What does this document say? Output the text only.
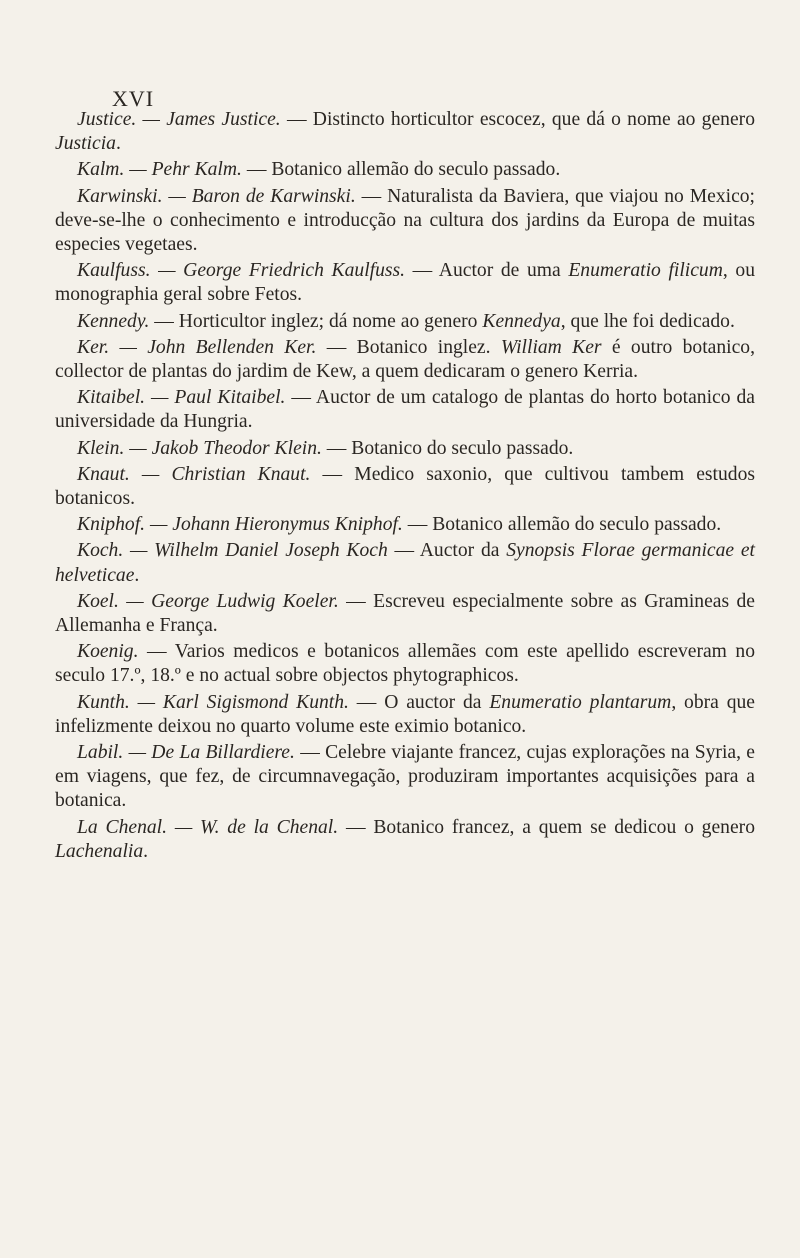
XVI

Justice. — James Justice. — Distincto horticultor escocez, que dá o nome ao genero Justicia.

Kalm. — Pehr Kalm. — Botanico allemão do seculo passado.

Karwinski. — Baron de Karwinski. — Naturalista da Baviera, que viajou no Mexico; deve-se-lhe o conhecimento e introducção na cultura dos jardins da Europa de muitas especies vegetaes.

Kaulfuss. — George Friedrich Kaulfuss. — Auctor de uma Enumeratio filicum, ou monographia geral sobre Fetos.

Kennedy. — Horticultor inglez; dá nome ao genero Kennedya, que lhe foi dedicado.

Ker. — John Bellenden Ker. — Botanico inglez. William Ker é outro botanico, collector de plantas do jardim de Kew, a quem dedicaram o genero Kerria.

Kitaibel. — Paul Kitaibel. — Auctor de um catalogo de plantas do horto botanico da universidade da Hungria.

Klein. — Jakob Theodor Klein. — Botanico do seculo passado.

Knaut. — Christian Knaut. — Medico saxonio, que cultivou tambem estudos botanicos.

Kniphof. — Johann Hieronymus Kniphof. — Botanico allemão do seculo passado.

Koch. — Wilhelm Daniel Joseph Koch — Auctor da Synopsis Florae germanicae et helveticae.

Koel. — George Ludwig Koeler. — Escreveu especialmente sobre as Gramineas de Allemanha e França.

Koenig. — Varios medicos e botanicos allemães com este apellido escreveram no seculo 17.º, 18.º e no actual sobre objectos phytographicos.

Kunth. — Karl Sigismond Kunth. — O auctor da Enumeratio plantarum, obra que infelizmente deixou no quarto volume este eximio botanico.

Labil. — De La Billardiere. — Celebre viajante francez, cujas explorações na Syria, e em viagens, que fez, de circumnavegação, produziram importantes acquisições para a botanica.

La Chenal. — W. de la Chenal. — Botanico francez, a quem se dedicou o genero Lachenalia.
